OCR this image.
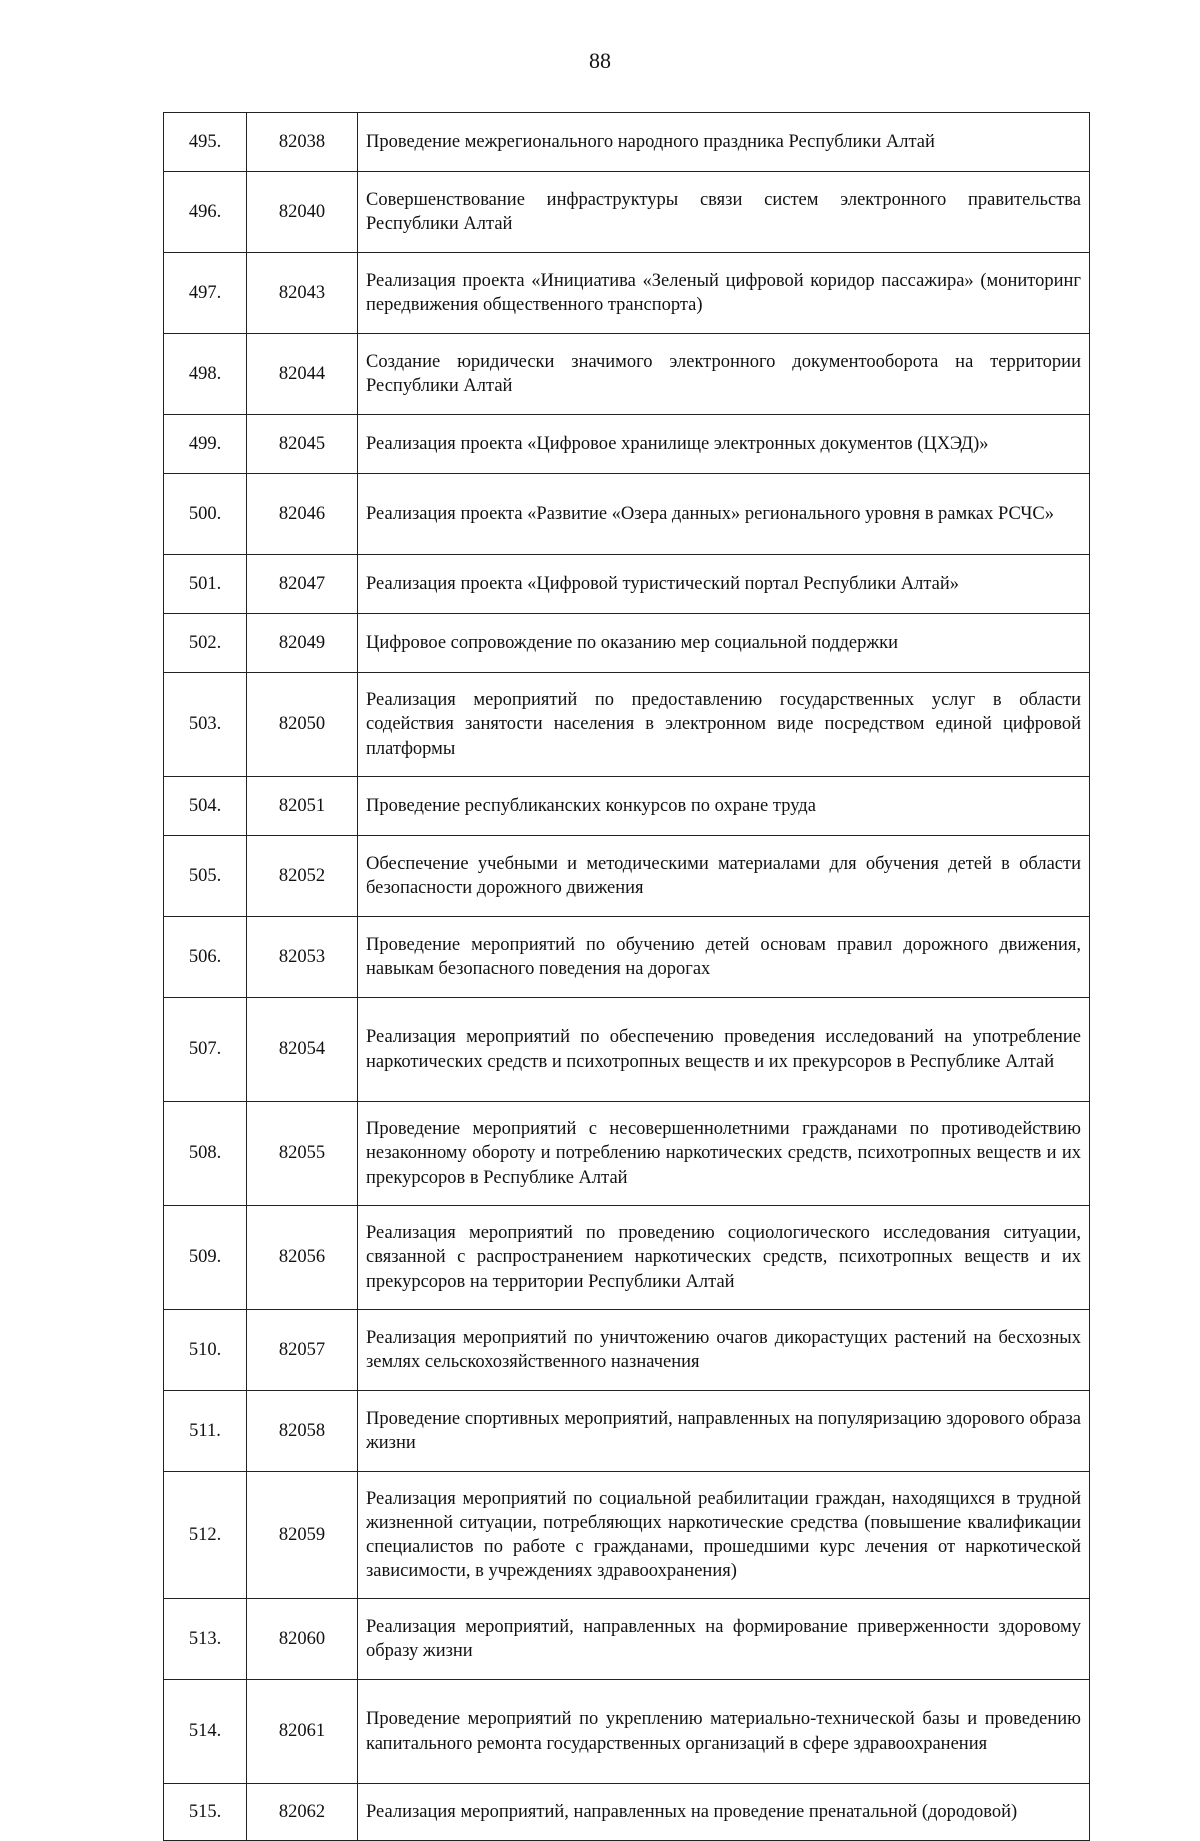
88
495.	82038	Проведение межрегионального народного праздника Республики Алтай
496.	82040	Совершенствование инфраструктуры связи систем электронного правительства Республики Алтай
497.	82043	Реализация проекта «Инициатива «Зеленый цифровой коридор пассажира» (мониторинг передвижения общественного транспорта)
498.	82044	Создание юридически значимого электронного документооборота на территории Республики Алтай
499.	82045	Реализация проекта «Цифровое хранилище электронных документов (ЦХЭД)»
500.	82046	Реализация проекта «Развитие «Озера данных» регионального уровня в рамках РСЧС»
501.	82047	Реализация проекта «Цифровой туристический портал Республики Алтай»
502.	82049	Цифровое сопровождение по оказанию мер социальной поддержки
503.	82050	Реализация мероприятий по предоставлению государственных услуг в области содействия занятости населения в электронном виде посредством единой цифровой платформы
504.	82051	Проведение республиканских конкурсов по охране труда
505.	82052	Обеспечение учебными и методическими материалами для обучения детей в области безопасности дорожного движения
506.	82053	Проведение мероприятий по обучению детей основам правил дорожного движения, навыкам безопасного поведения на дорогах
507.	82054	Реализация мероприятий по обеспечению проведения исследований на употребление наркотических средств и психотропных веществ и их прекурсоров в Республике Алтай
508.	82055	Проведение мероприятий с несовершеннолетними гражданами по противодействию незаконному обороту и потреблению наркотических средств, психотропных веществ и их прекурсоров в Республике Алтай
509.	82056	Реализация мероприятий по проведению социологического исследования ситуации, связанной с распространением наркотических средств, психотропных веществ и их прекурсоров на территории Республики Алтай
510.	82057	Реализация мероприятий по уничтожению очагов дикорастущих растений на бесхозных землях сельскохозяйственного назначения
511.	82058	Проведение спортивных мероприятий, направленных на популяризацию здорового образа жизни
512.	82059	Реализация мероприятий по социальной реабилитации граждан, находящихся в трудной жизненной ситуации, потребляющих наркотические средства (повышение квалификации специалистов по работе с гражданами, прошедшими курс лечения от наркотической зависимости, в учреждениях здравоохранения)
513.	82060	Реализация мероприятий, направленных на формирование приверженности здоровому образу жизни
514.	82061	Проведение мероприятий по укреплению материально-технической базы и проведению капитального ремонта государственных организаций в сфере здравоохранения
515.	82062	Реализация мероприятий, направленных на проведение пренатальной (дородовой)
